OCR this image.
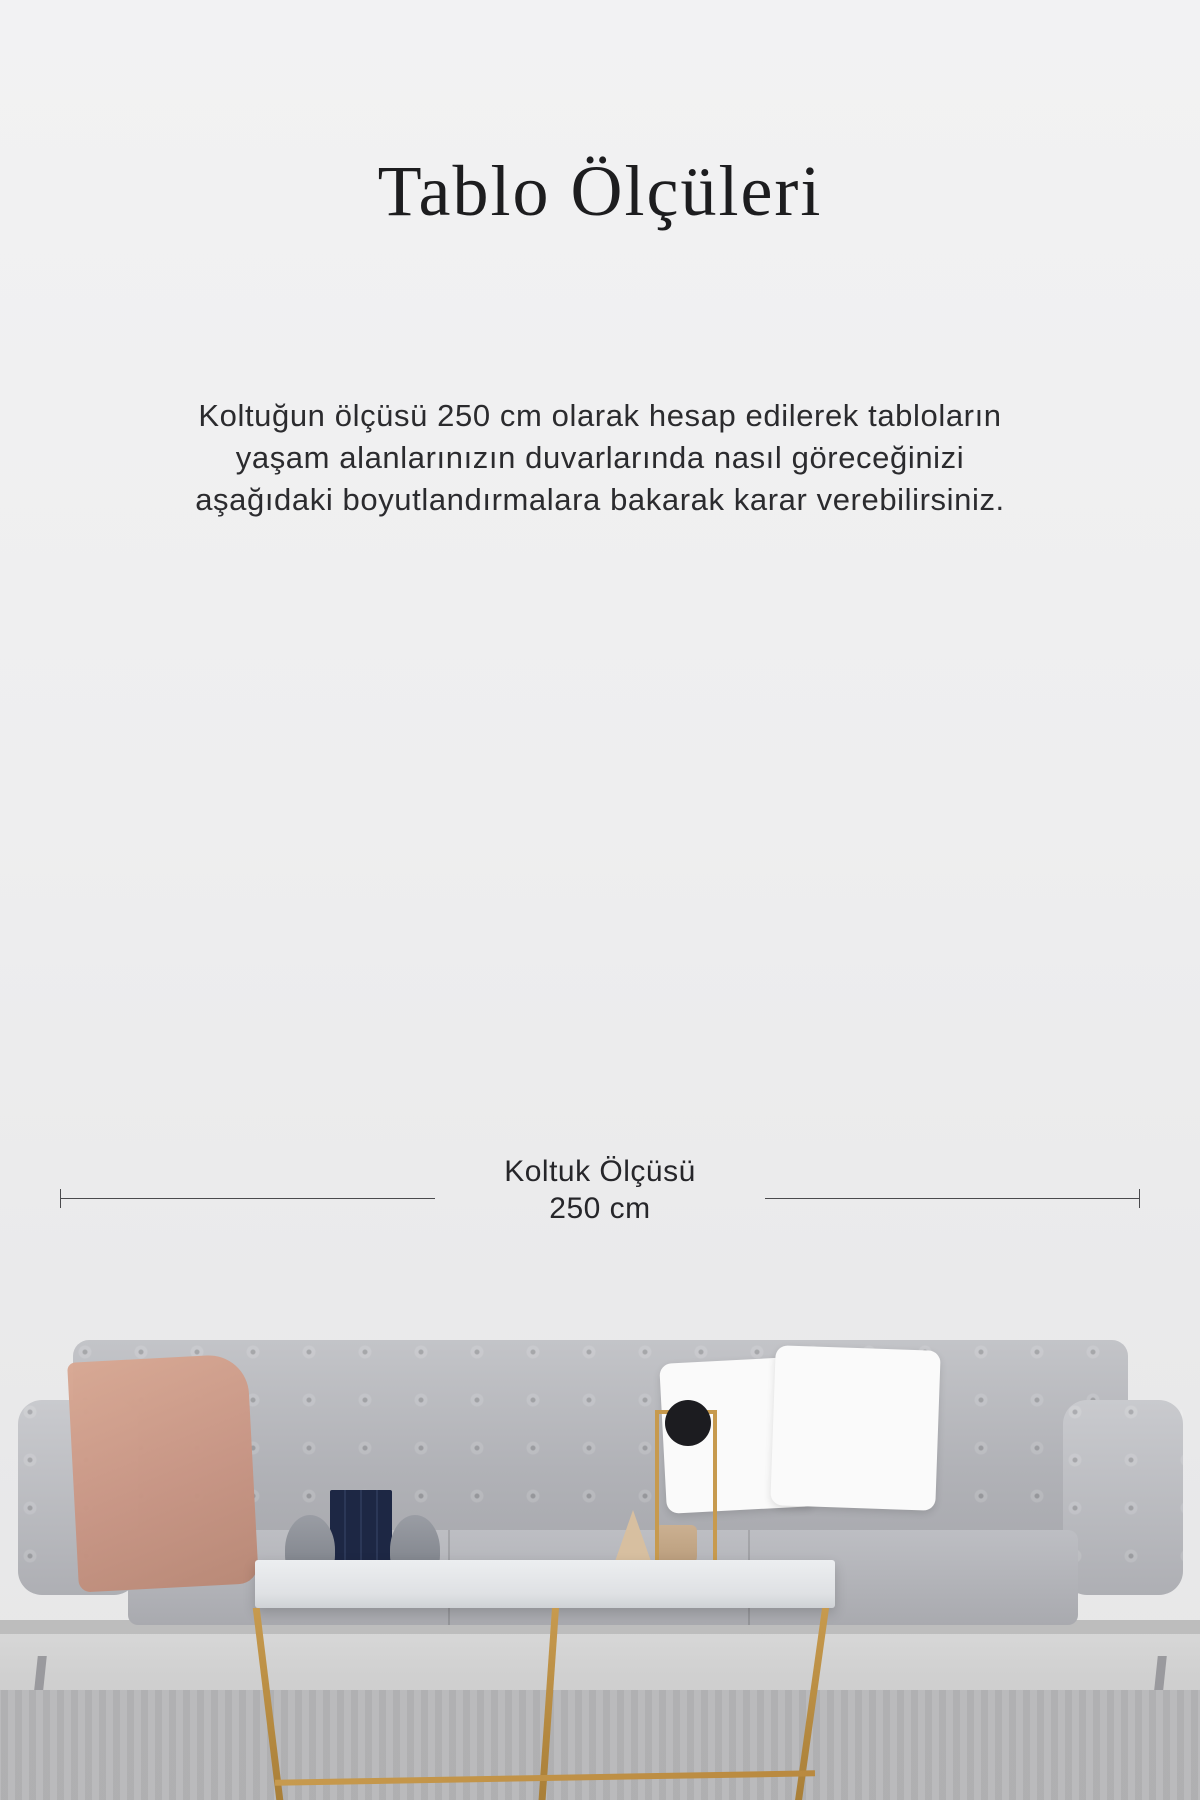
Tablo Ölçüleri
Koltuğun ölçüsü 250 cm olarak hesap edilerek tabloların
yaşam alanlarınızın duvarlarında nasıl göreceğinizi
aşağıdaki boyutlandırmalara bakarak karar verebilirsiniz.
Koltuk Ölçüsü
250 cm
